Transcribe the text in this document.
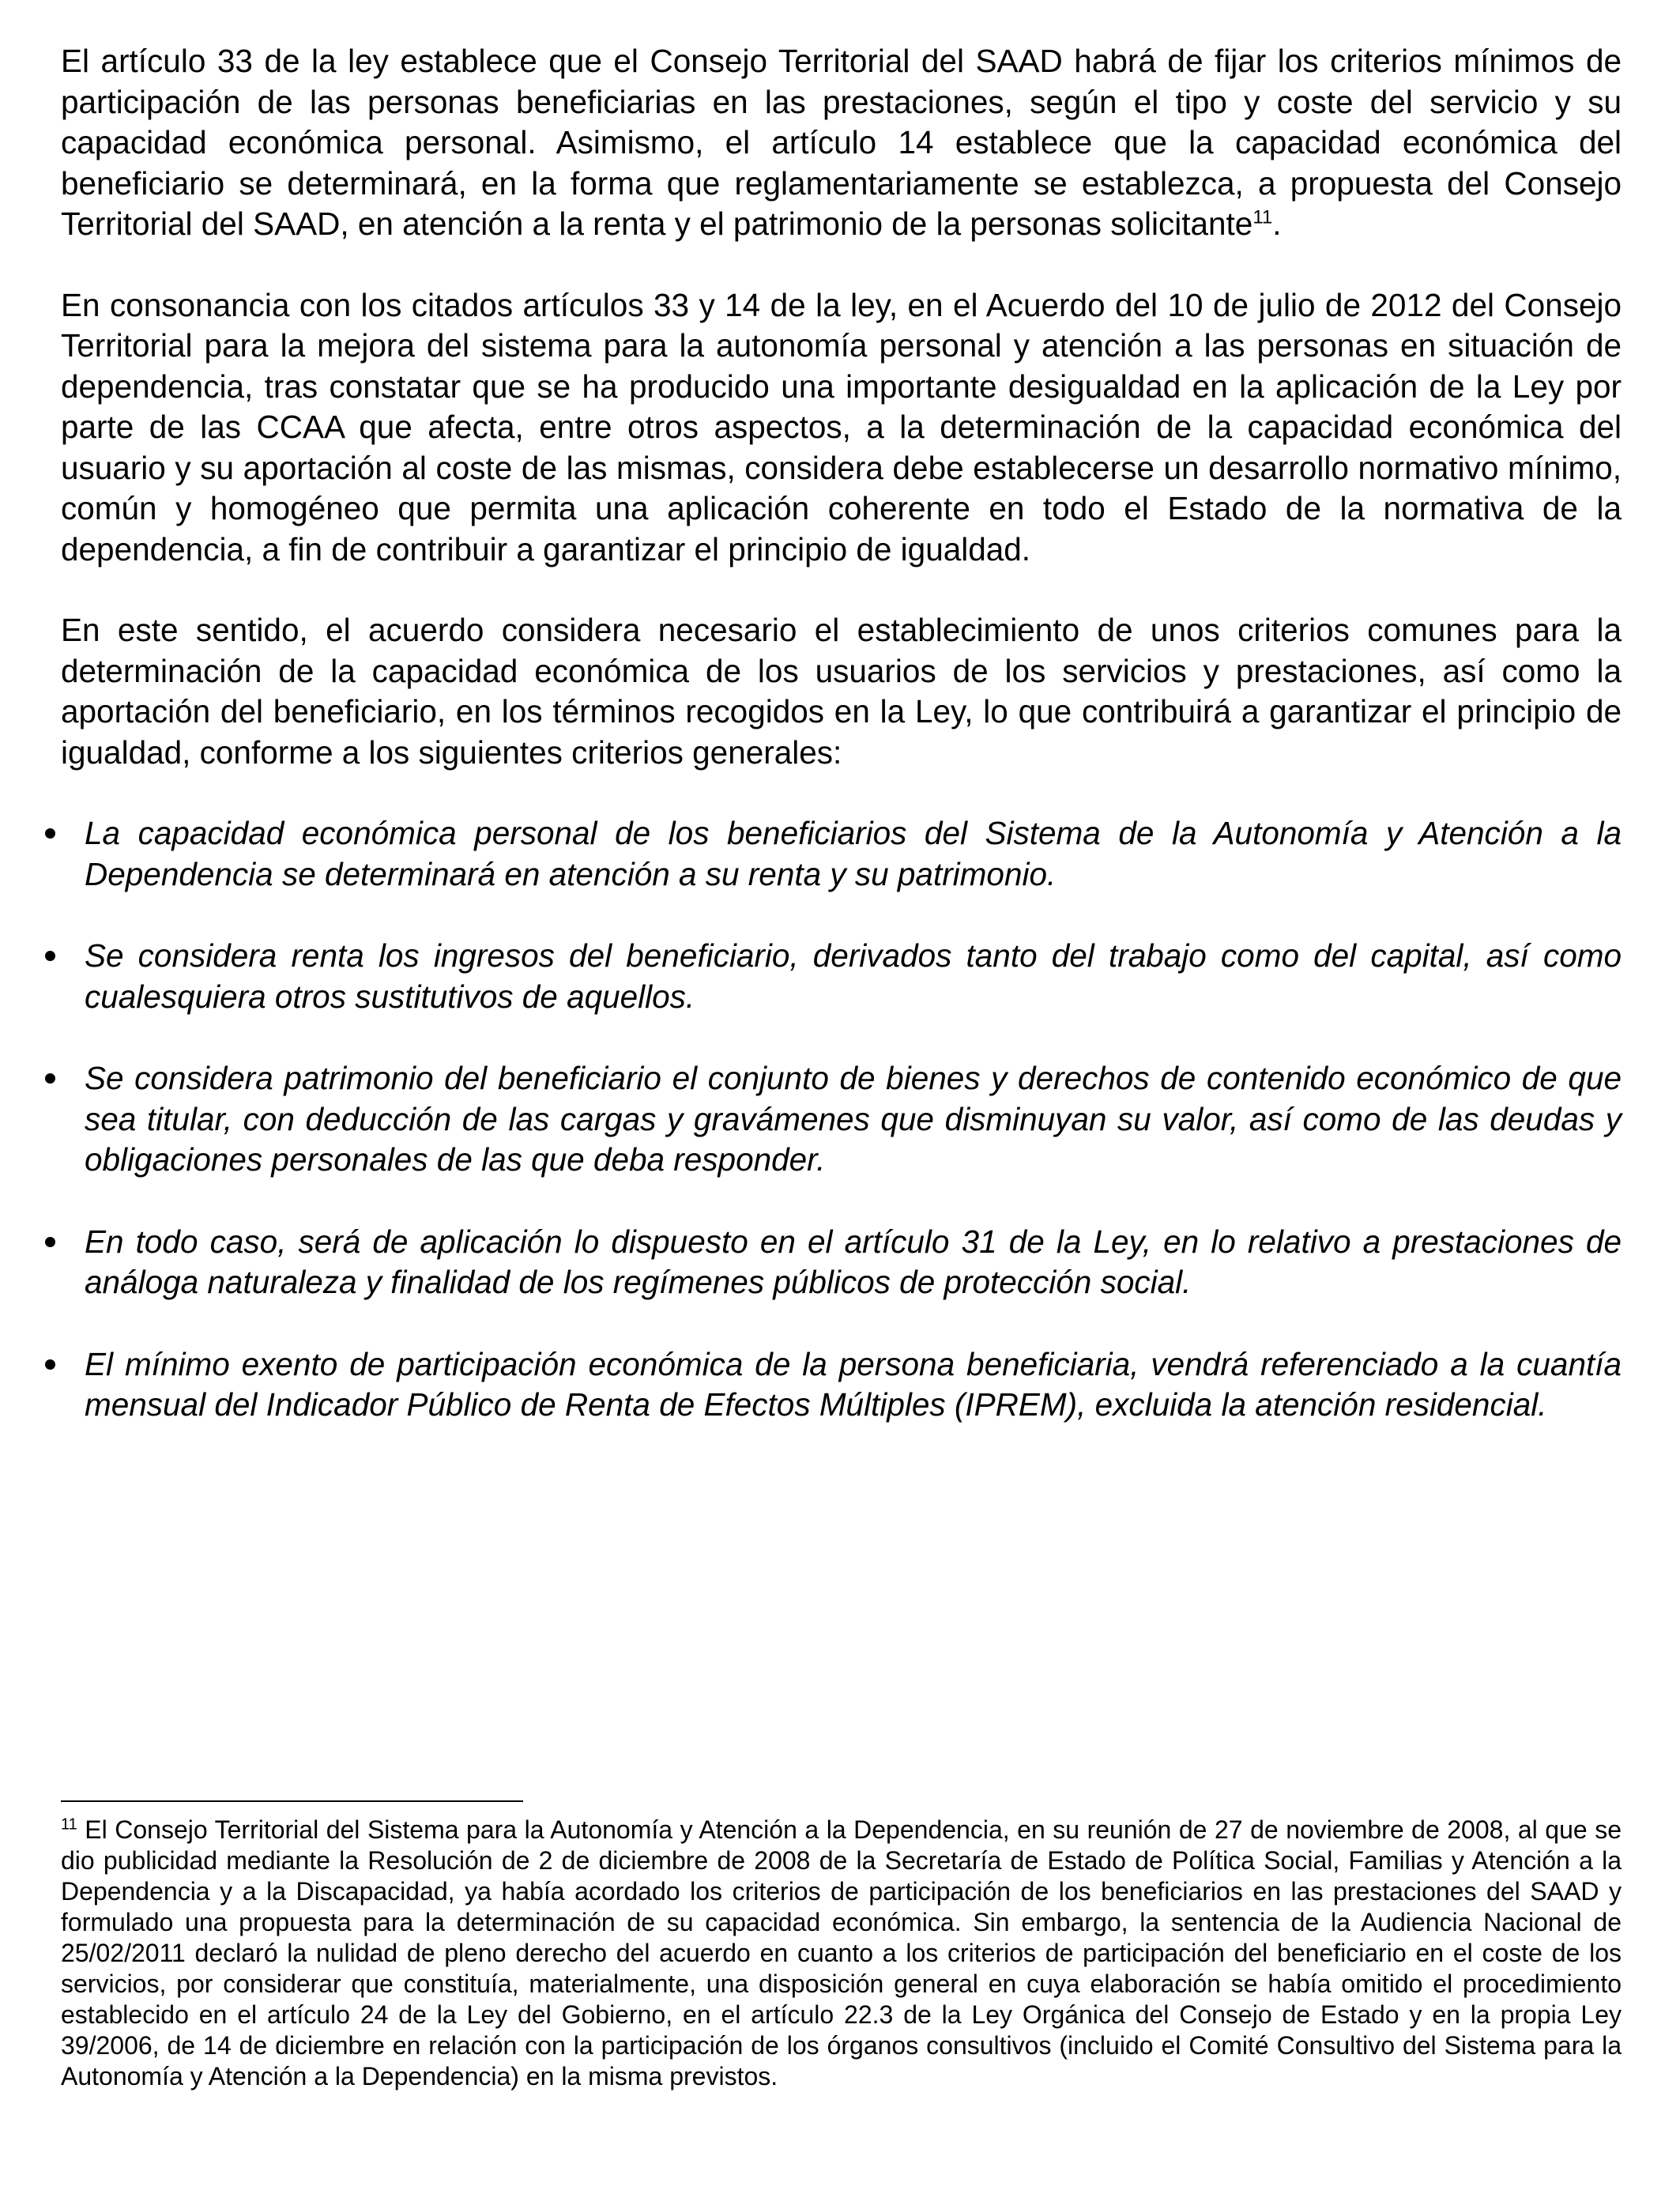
El artículo 33 de la ley establece que el Consejo Territorial del SAAD habrá de fijar los criterios mínimos de participación de las personas beneficiarias en las prestaciones, según el tipo y coste del servicio y su capacidad económica personal. Asimismo, el artículo 14 establece que la capacidad económica del beneficiario se determinará, en la forma que reglamentariamente se establezca, a propuesta del Consejo Territorial del SAAD, en atención a la renta y el patrimonio de la personas solicitante$^{11}$.

En consonancia con los citados artículos 33 y 14 de la ley, en el Acuerdo del 10 de julio de 2012 del Consejo Territorial para la mejora del sistema para la autonomía personal y atención a las personas en situación de dependencia, tras constatar que se ha producido una importante desigualdad en la aplicación de la Ley por parte de las CCAA que afecta, entre otros aspectos, a la determinación de la capacidad económica del usuario y su aportación al coste de las mismas, considera debe establecerse un desarrollo normativo mínimo, común y homogéneo que permita una aplicación coherente en todo el Estado de la normativa de la dependencia, a fin de contribuir a garantizar el principio de igualdad.

En este sentido, el acuerdo considera necesario el establecimiento de unos criterios comunes para la determinación de la capacidad económica de los usuarios de los servicios y prestaciones, así como la aportación del beneficiario, en los términos recogidos en la Ley, lo que contribuirá a garantizar el principio de igualdad, conforme a los siguientes criterios generales:

La capacidad económica personal de los beneficiarios del Sistema de la Autonomía y Atención a la Dependencia se determinará en atención a su renta y su patrimonio.
Se considera renta los ingresos del beneficiario, derivados tanto del trabajo como del capital, así como cualesquiera otros sustitutivos de aquellos.
Se considera patrimonio del beneficiario el conjunto de bienes y derechos de contenido económico de que sea titular, con deducción de las cargas y gravámenes que disminuyan su valor, así como de las deudas y obligaciones personales de las que deba responder.
En todo caso, será de aplicación lo dispuesto en el artículo 31 de la Ley, en lo relativo a prestaciones de análoga naturaleza y finalidad de los regímenes públicos de protección social.
El mínimo exento de participación económica de la persona beneficiaria, vendrá referenciado a la cuantía mensual del Indicador Público de Renta de Efectos Múltiples (IPREM), excluida la atención residencial.

$^{11}$ El Consejo Territorial del Sistema para la Autonomía y Atención a la Dependencia, en su reunión de 27 de noviembre de 2008, al que se dio publicidad mediante la Resolución de 2 de diciembre de 2008 de la Secretaría de Estado de Política Social, Familias y Atención a la Dependencia y a la Discapacidad, ya había acordado los criterios de participación de los beneficiarios en las prestaciones del SAAD y formulado una propuesta para la determinación de su capacidad económica. Sin embargo, la sentencia de la Audiencia Nacional de 25/02/2011 declaró la nulidad de pleno derecho del acuerdo en cuanto a los criterios de participación del beneficiario en el coste de los servicios, por considerar que constituía, materialmente, una disposición general en cuya elaboración se había omitido el procedimiento establecido en el artículo 24 de la Ley del Gobierno, en el artículo 22.3 de la Ley Orgánica del Consejo de Estado y en la propia Ley 39/2006, de 14 de diciembre en relación con la participación de los órganos consultivos (incluido el Comité Consultivo del Sistema para la Autonomía y Atención a la Dependencia) en la misma previstos.
